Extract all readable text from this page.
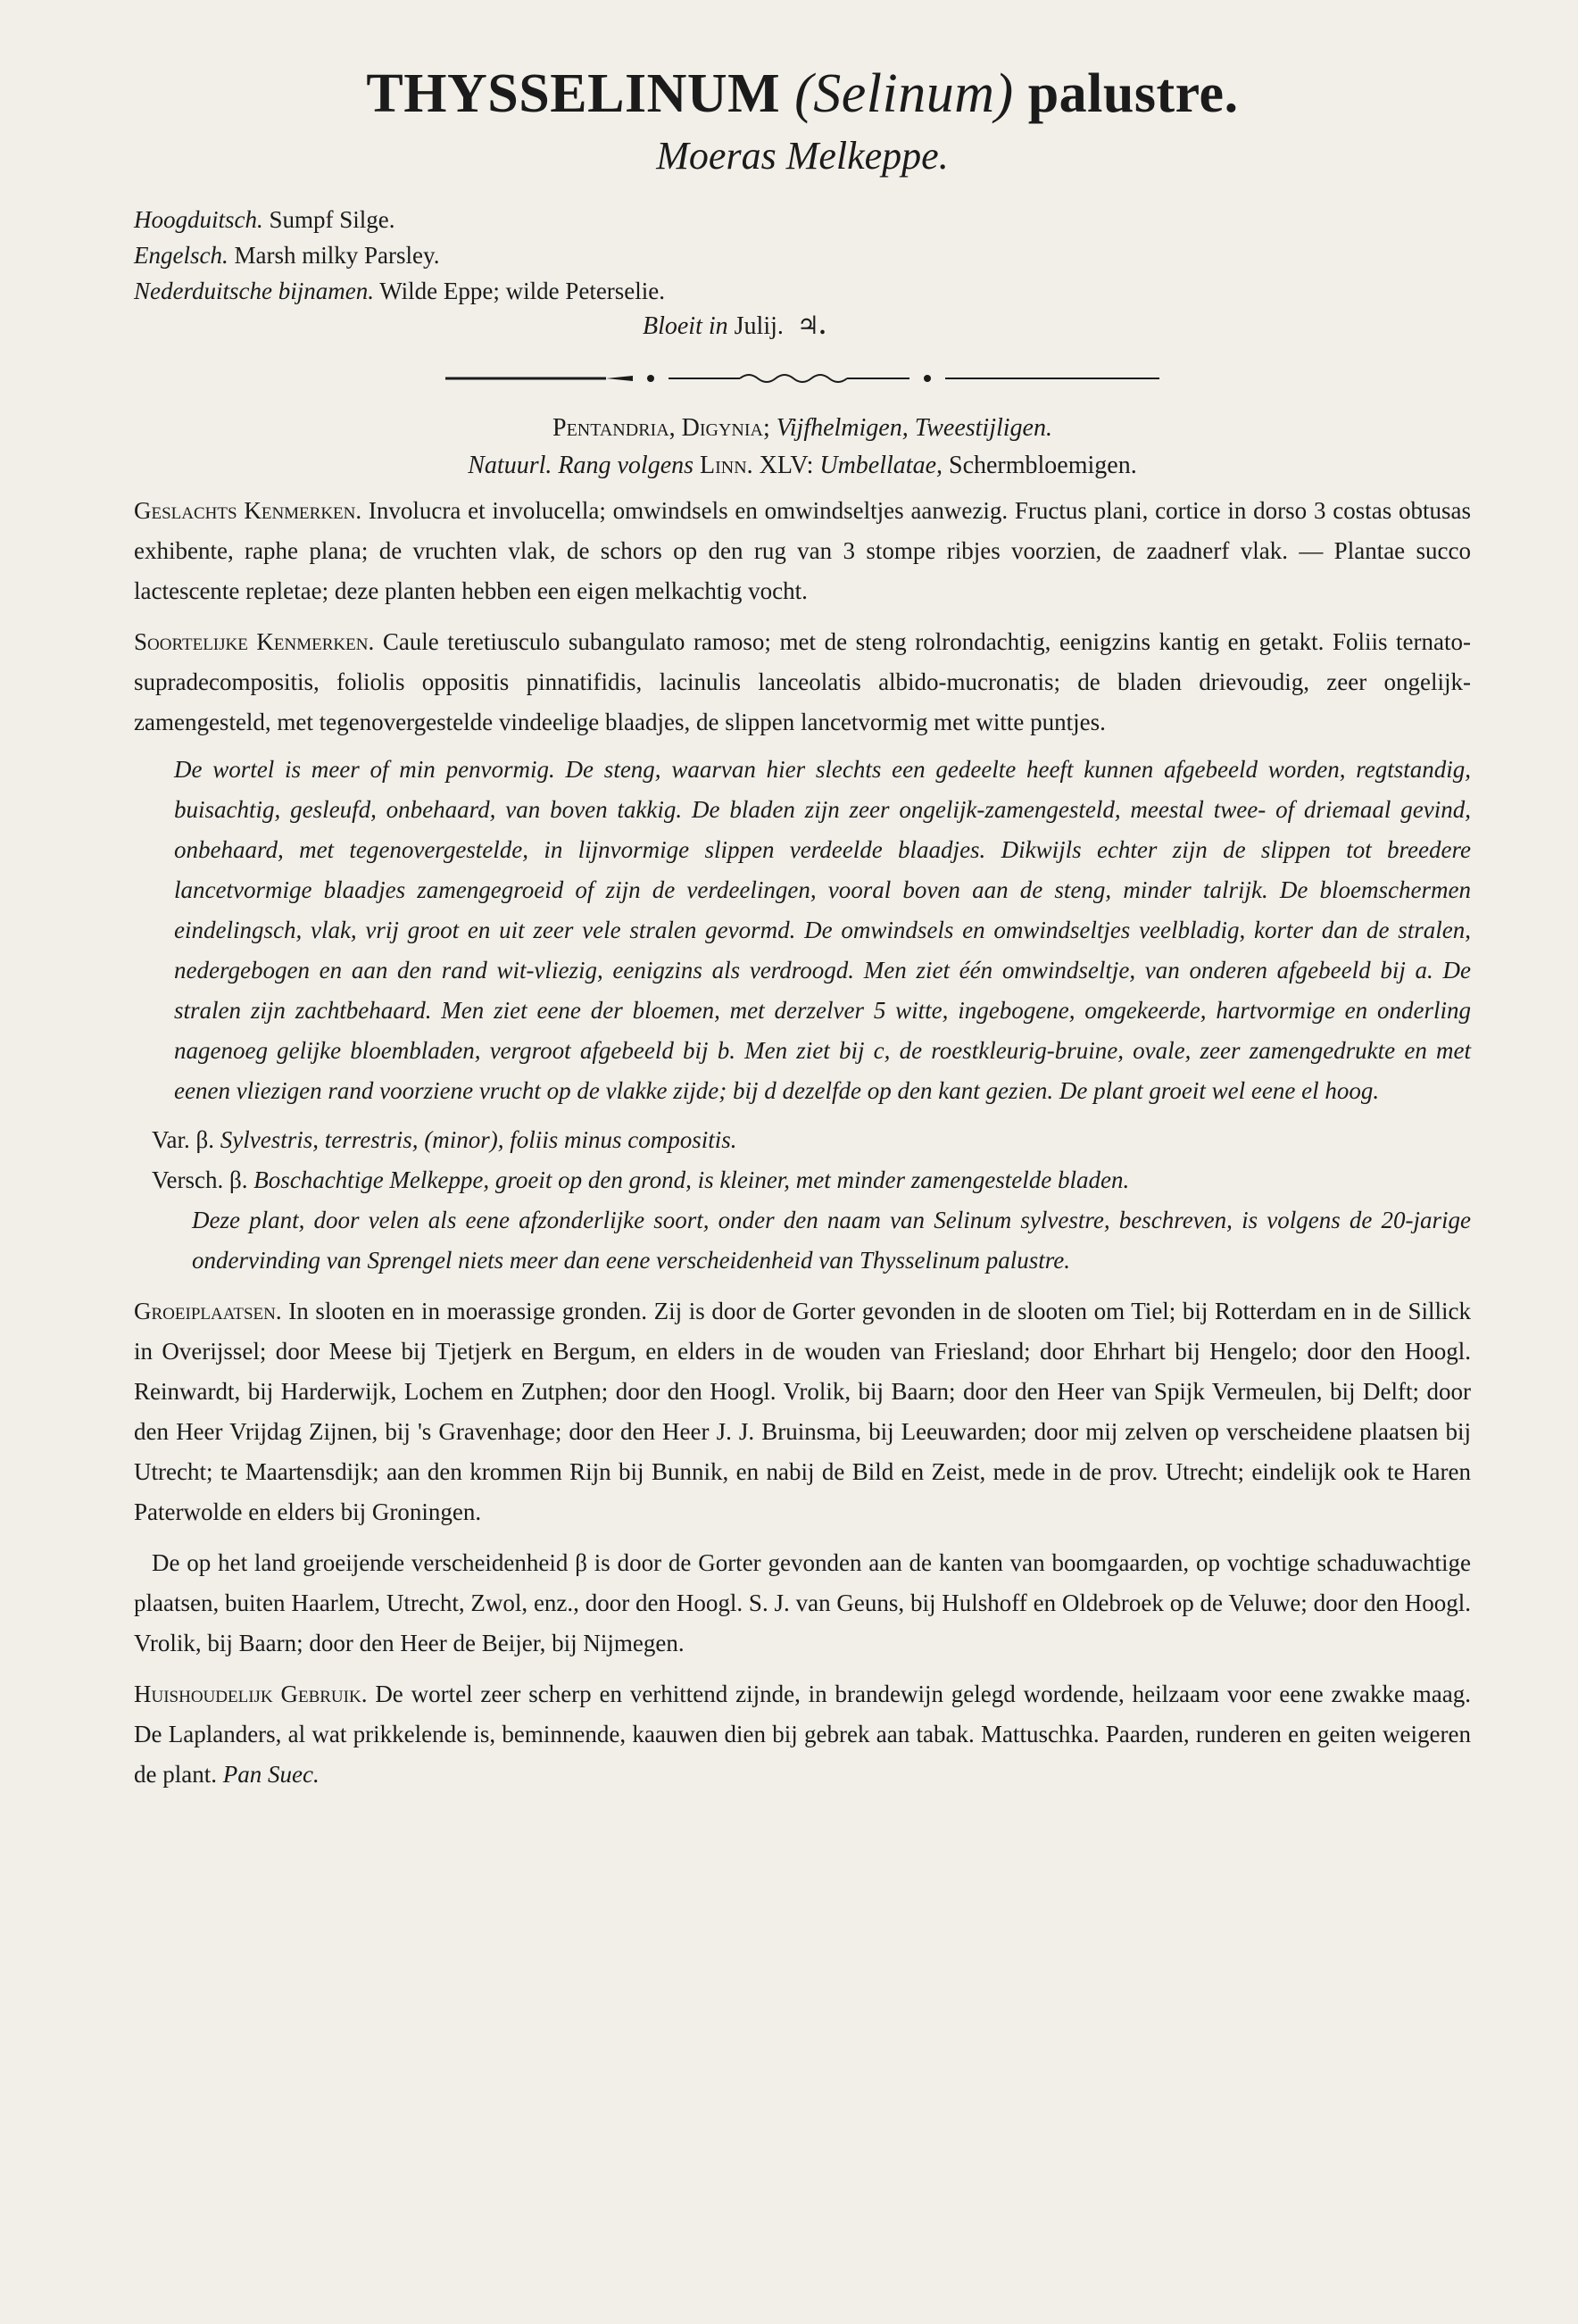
THYSSELINUM (Selinum) palustre.
Moeras Melkeppe.
Hoogduitsch. Sumpf Silge.
Engelsch. Marsh milky Parsley.
Nederduitsche bijnamen. Wilde Eppe; wilde Peterselie.
Bloeit in Julij. ♃.
Pentandria, Digynia; Vijfhelmigen, Tweestijligen.
Natuurl. Rang volgens Linn. XLV: Umbellatae, Schermbloemigen.
Geslachts Kenmerken. Involucra et involucella; omwindsels en omwindseltjes aanwezig. Fructus plani, cortice in dorso 3 costas obtusas exhibente, raphe plana; de vruchten vlak, de schors op den rug van 3 stompe ribjes voorzien, de zaadnerf vlak. — Plantae succo lactescente repletae; deze planten hebben een eigen melkachtig vocht.
Soortelijke Kenmerken. Caule teretiusculo subangulato ramoso; met de steng rolrondachtig, eenigzins kantig en getakt. Foliis ternato-supradecompositis, foliolis oppositis pinnatifidis, lacinulis lanceolatis albido-mucronatis; de bladen drievoudig, zeer ongelijk-zamengesteld, met tegenovergestelde vindeelige blaadjes, de slippen lancetvormig met witte puntjes.
De wortel is meer of min penvormig. De steng, waarvan hier slechts een gedeelte heeft kunnen afgebeeld worden, regtstandig, buisachtig, gesleufd, onbehaard, van boven takkig. De bladen zijn zeer ongelijk-zamengesteld, meestal twee- of driemaal gevind, onbehaard, met tegenovergestelde, in lijnvormige slippen verdeelde blaadjes. Dikwijls echter zijn de slippen tot breedere lancetvormige blaadjes zamengegroeid of zijn de verdeelingen, vooral boven aan de steng, minder talrijk. De bloemschermen eindelingsch, vlak, vrij groot en uit zeer vele stralen gevormd. De omwindsels en omwindseltjes veelbladig, korter dan de stralen, nedergebogen en aan den rand wit-vliezig, eenigzins als verdroogd. Men ziet één omwindseltje, van onderen afgebeeld bij a. De stralen zijn zachtbehaard. Men ziet eene der bloemen, met derzelver 5 witte, ingebogene, omgekeerde, hartvormige en onderling nagenoeg gelijke bloembladen, vergroot afgebeeld bij b. Men ziet bij c, de roestkleurig-bruine, ovale, zeer zamengedrukte en met eenen vliezigen rand voorziene vrucht op de vlakke zijde; bij d dezelfde op den kant gezien. De plant groeit wel eene el hoog.
Var. β. Sylvestris, terrestris, (minor), foliis minus compositis.
Versch. β. Boschachtige Melkeppe, groeit op den grond, is kleiner, met minder zamengestelde bladen.
Deze plant, door velen als eene afzonderlijke soort, onder den naam van Selinum sylvestre, beschreven, is volgens de 20-jarige ondervinding van Sprengel niets meer dan eene verscheidenheid van Thysselinum palustre.
Groeiplaatsen. In slooten en in moerassige gronden. Zij is door de Gorter gevonden in de slooten om Tiel; bij Rotterdam en in de Sillick in Overijssel; door Meese bij Tjetjerk en Bergum, en elders in de wouden van Friesland; door Ehrhart bij Hengelo; door den Hoogl. Reinwardt, bij Harderwijk, Lochem en Zutphen; door den Hoogl. Vrolik, bij Baarn; door den Heer van Spijk Vermeulen, bij Delft; door den Heer Vrijdag Zijnen, bij 's Gravenhage; door den Heer J. J. Bruinsma, bij Leeuwarden; door mij zelven op verscheidene plaatsen bij Utrecht; te Maartensdijk; aan den krommen Rijn bij Bunnik, en nabij de Bild en Zeist, mede in de prov. Utrecht; eindelijk ook te Haren Paterwolde en elders bij Groningen.
De op het land groeijende verscheidenheid β is door de Gorter gevonden aan de kanten van boomgaarden, op vochtige schaduwachtige plaatsen, buiten Haarlem, Utrecht, Zwol, enz., door den Hoogl. S. J. van Geuns, bij Hulshoff en Oldebroek op de Veluwe; door den Hoogl. Vrolik, bij Baarn; door den Heer de Beijer, bij Nijmegen.
Huishoudelijk Gebruik. De wortel zeer scherp en verhittend zijnde, in brandewijn gelegd wordende, heilzaam voor eene zwakke maag. De Laplanders, al wat prikkelende is, beminnende, kaauwen dien bij gebrek aan tabak. Mattuschka. Paarden, runderen en geiten weigeren de plant. Pan Suec.
